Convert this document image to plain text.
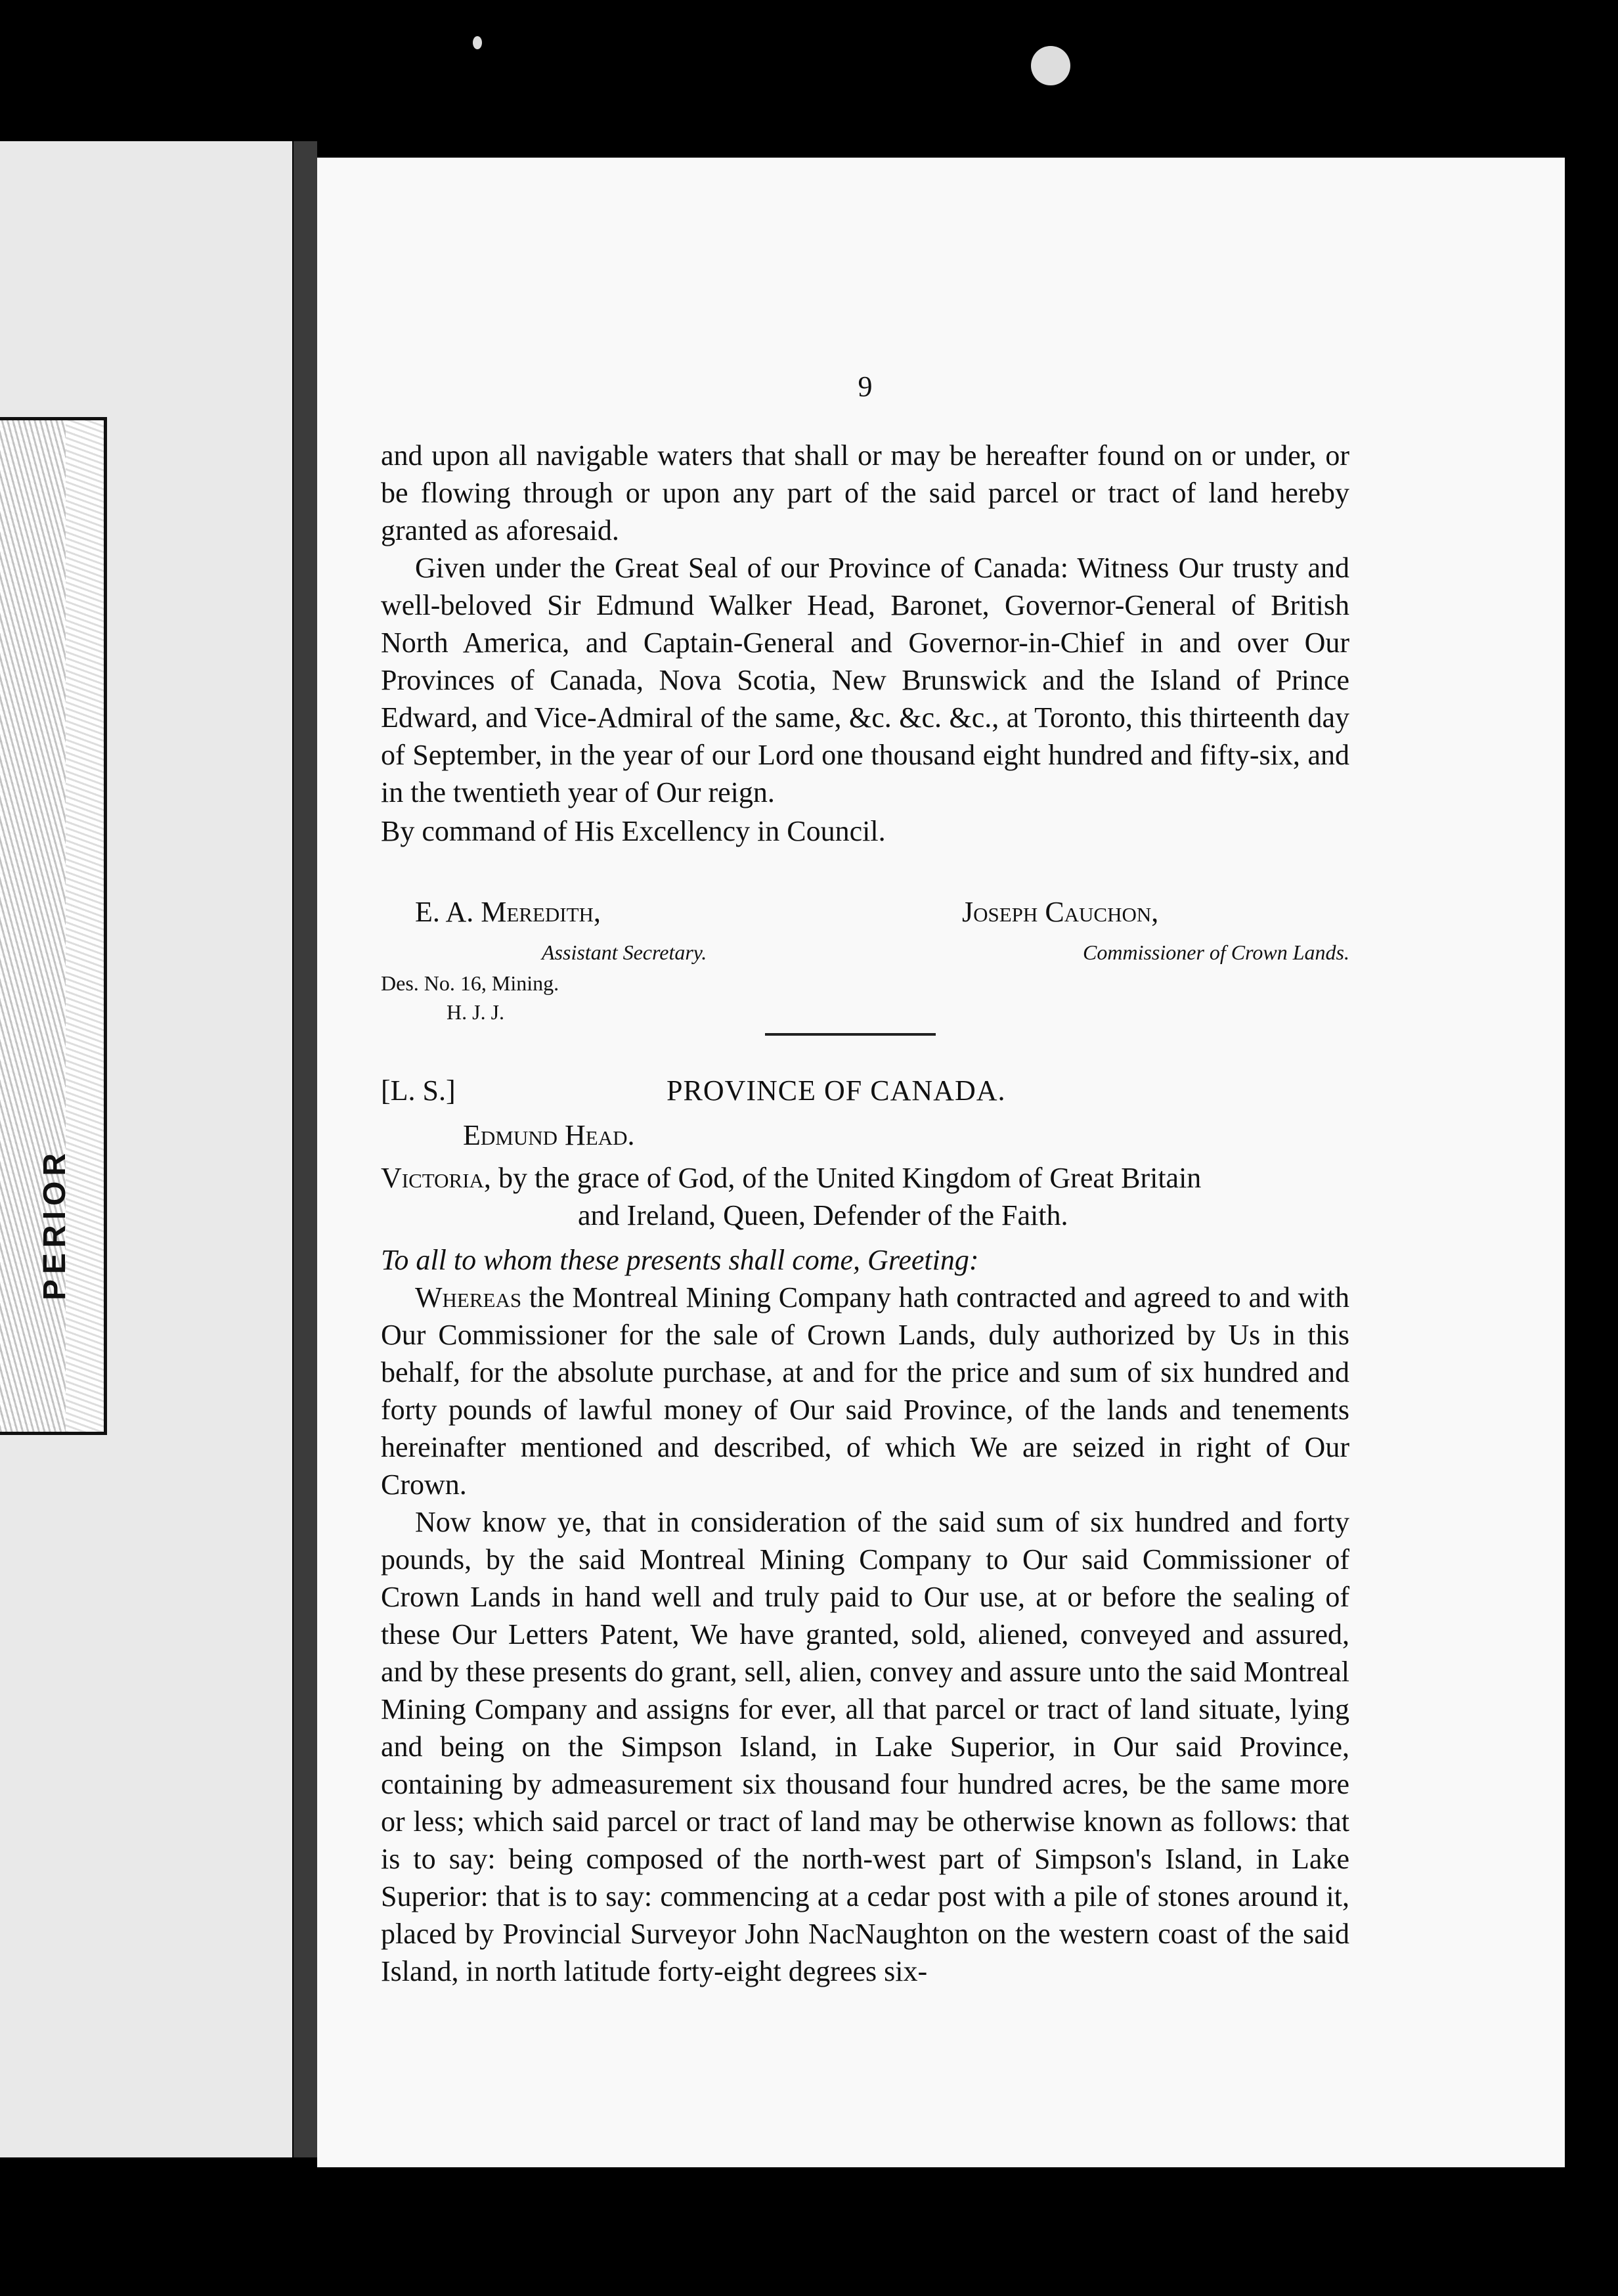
PERIOR
9

and upon all navigable waters that shall or may be hereafter found on or under, or be flowing through or upon any part of the said parcel or tract of land hereby granted as aforesaid.

Given under the Great Seal of our Province of Canada: Witness Our trusty and well-beloved Sir Edmund Walker Head, Baronet, Governor-General of British North America, and Captain-General and Governor-in-Chief in and over Our Provinces of Canada, Nova Scotia, New Brunswick and the Island of Prince Edward, and Vice-Admiral of the same, &c. &c. &c., at Toronto, this thirteenth day of September, in the year of our Lord one thousand eight hundred and fifty-six, and in the twentieth year of Our reign.

By command of His Excellency in Council.

E. A. Meredith,
Assistant Secretary.
Joseph Cauchon,
Commissioner of Crown Lands.
Des. No. 16, Mining.
H. J. J.
[L. S.]	PROVINCE OF CANADA.
Edmund Head.
Victoria, by the grace of God, of the United Kingdom of Great Britain
and Ireland, Queen, Defender of the Faith.
To all to whom these presents shall come, Greeting:

Whereas the Montreal Mining Company hath contracted and agreed to and with Our Commissioner for the sale of Crown Lands, duly authorized by Us in this behalf, for the absolute purchase, at and for the price and sum of six hundred and forty pounds of lawful money of Our said Province, of the lands and tenements hereinafter mentioned and described, of which We are seized in right of Our Crown.

Now know ye, that in consideration of the said sum of six hundred and forty pounds, by the said Montreal Mining Company to Our said Commissioner of Crown Lands in hand well and truly paid to Our use, at or before the sealing of these Our Letters Patent, We have granted, sold, aliened, conveyed and assured, and by these presents do grant, sell, alien, convey and assure unto the said Montreal Mining Company and assigns for ever, all that parcel or tract of land situate, lying and being on the Simpson Island, in Lake Superior, in Our said Province, containing by admeasurement six thousand four hundred acres, be the same more or less; which said parcel or tract of land may be otherwise known as follows: that is to say: being composed of the north-west part of Simpson's Island, in Lake Superior: that is to say: commencing at a cedar post with a pile of stones around it, placed by Provincial Surveyor John NacNaughton on the western coast of the said Island, in north latitude forty-eight degrees six-
